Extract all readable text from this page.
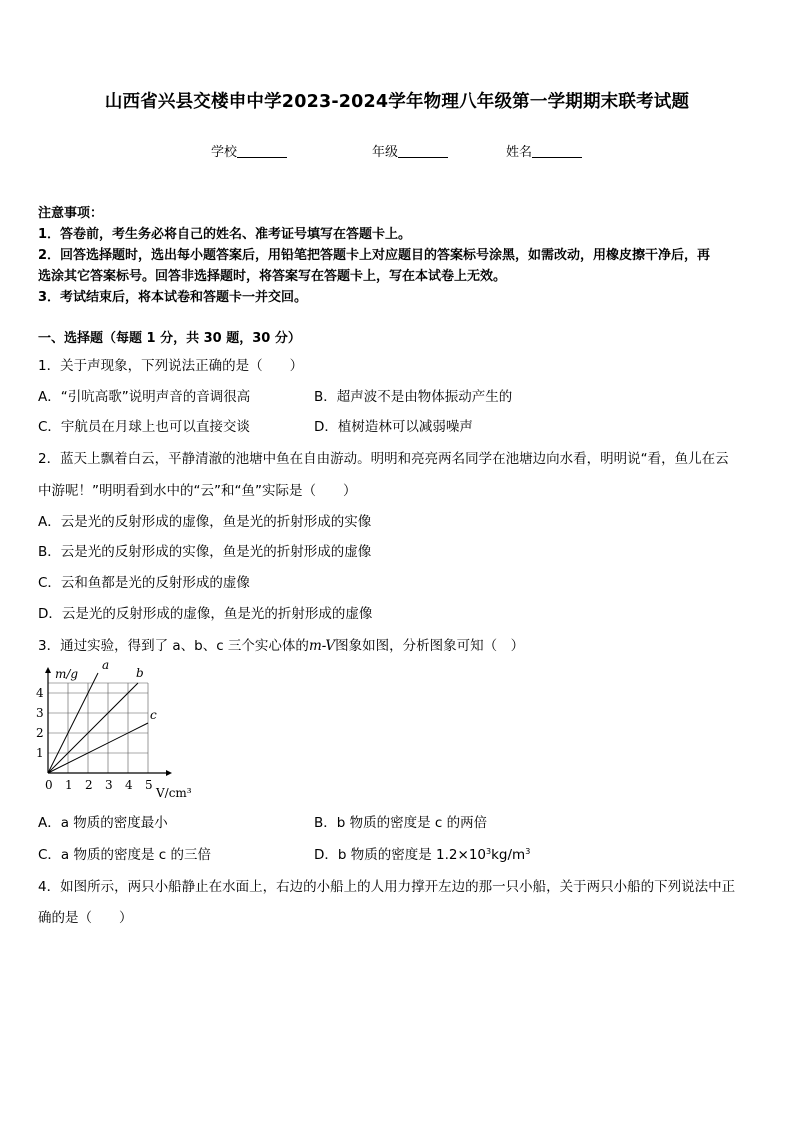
山西省兴县交楼申中学2023-2024学年物理八年级第一学期期末联考试题
学校	年级	姓名
注意事项：
1．答卷前，考生务必将自己的姓名、准考证号填写在答题卡上。
2．回答选择题时，选出每小题答案后，用铅笔把答题卡上对应题目的答案标号涂黑，如需改动，用橡皮擦干净后，再
选涂其它答案标号。回答非选择题时，将答案写在答题卡上，写在本试卷上无效。
3．考试结束后，将本试卷和答题卡一并交回。
一、选择题（每题 1 分，共 30 题，30 分）
1．关于声现象，下列说法正确的是（　　）
A．“引吭高歌”说明声音的音调很高	B．超声波不是由物体振动产生的
C．宇航员在月球上也可以直接交谈	D．植树造林可以减弱噪声
2．蓝天上飘着白云，平静清澈的池塘中鱼在自由游动。明明和亮亮两名同学在池塘边向水看，明明说“看，鱼儿在云
中游呢！”明明看到水中的“云”和“鱼”实际是（　　）
A．云是光的反射形成的虚像，鱼是光的折射形成的实像
B．云是光的反射形成的实像，鱼是光的折射形成的虚像
C．云和鱼都是光的反射形成的虚像
D．云是光的反射形成的虚像，鱼是光的折射形成的虚像
3．通过实验，得到了 a、b、c 三个实心体的m-V图象如图，分析图象可知（　）
0 1 2 3 4 5
1
2
3
4
a
b
c
m/g
V/cm³
A．a 物质的密度最小	B．b 物质的密度是 c 的两倍
C．a 物质的密度是 c 的三倍	D．b 物质的密度是 $1.2\times 10^3kg/m^3$
4．如图所示，两只小船静止在水面上，右边的小船上的人用力撑开左边的那一只小船，关于两只小船的下列说法中正
确的是（　　）
